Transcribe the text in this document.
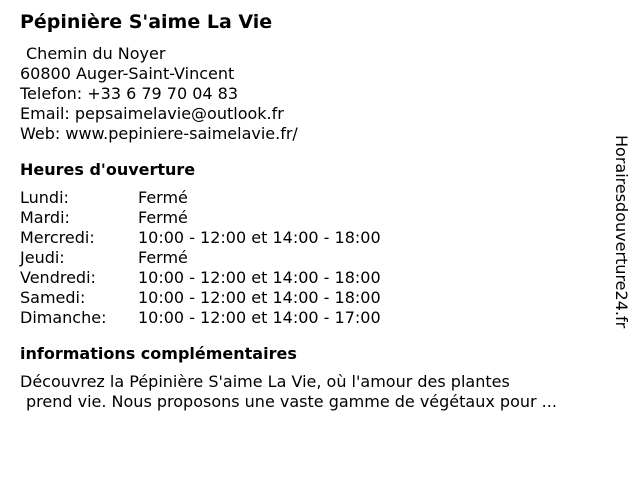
Pépinière S'aime La Vie
Chemin du Noyer
60800 Auger-Saint-Vincent
Telefon: +33 6 79 70 04 83
Email: pepsaimelavie@outlook.fr
Web: www.pepiniere-saimelavie.fr/
Heures d'ouverture
Lundi:	Fermé
Mardi:	Fermé
Mercredi:	10:00 - 12:00 et 14:00 - 18:00
Jeudi:	Fermé
Vendredi:	10:00 - 12:00 et 14:00 - 18:00
Samedi:	10:00 - 12:00 et 14:00 - 18:00
Dimanche:	10:00 - 12:00 et 14:00 - 17:00
informations complémentaires
Découvrez la Pépinière S'aime La Vie, où l'amour des plantes
prend vie. Nous proposons une vaste gamme de végétaux pour ...
Horairesdouverture24.fr
